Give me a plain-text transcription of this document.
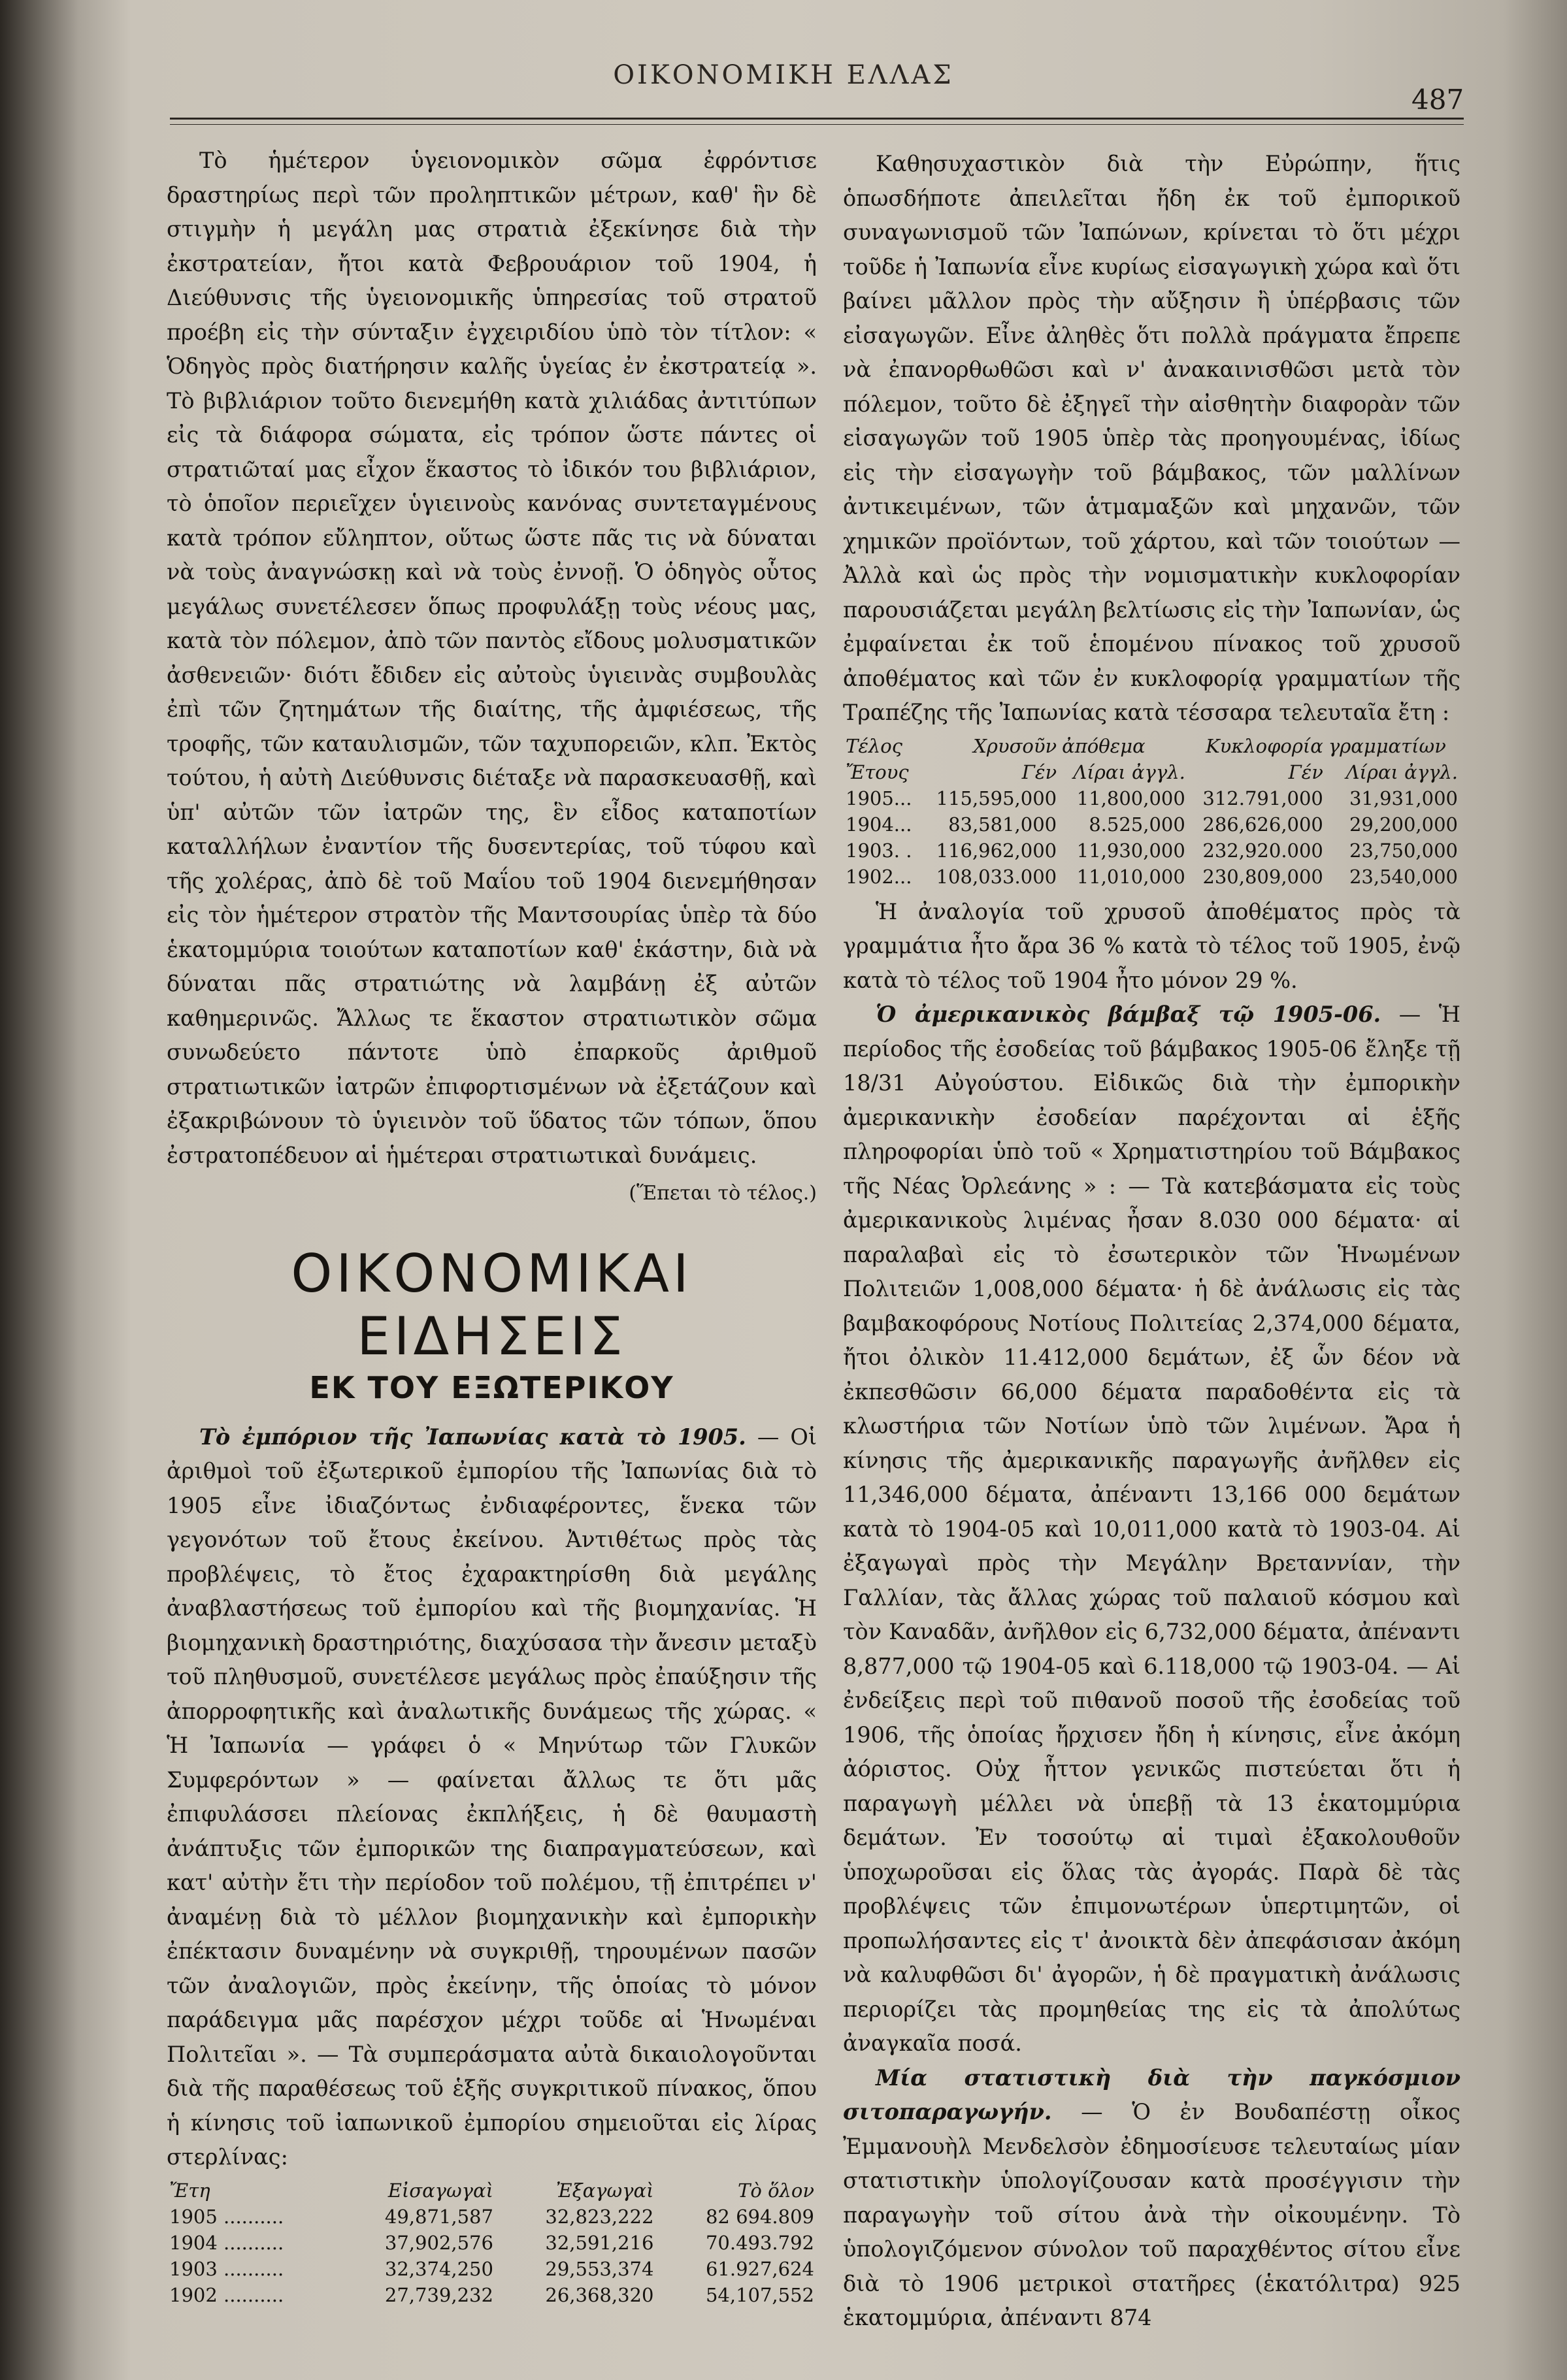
ΟΙΚΟΝΟΜΙΚΗ ΕΛΛΑΣ
487

Τὸ ἡμέτερον ὑγειονομικὸν σῶμα ἐφρόντισε δραστηρίως περὶ τῶν προληπτικῶν μέτρων, καθ' ἣν δὲ στιγμὴν ἡ μεγάλη μας στρατιὰ ἐξεκίνησε διὰ τὴν ἐκστρατείαν, ἤτοι κατὰ Φεβρουάριον τοῦ 1904, ἡ Διεύθυνσις τῆς ὑγειονομικῆς ὑπηρεσίας τοῦ στρατοῦ προέβη εἰς τὴν σύνταξιν ἐγχειριδίου ὑπὸ τὸν τίτλον: « Ὁδηγὸς πρὸς διατήρησιν καλῆς ὑγείας ἐν ἐκστρατείᾳ ». Τὸ βιβλιάριον τοῦτο διενεμήθη κατὰ χιλιάδας ἀντιτύπων εἰς τὰ διάφορα σώματα, εἰς τρόπον ὥστε πάντες οἱ στρατιῶταί μας εἶχον ἕκαστος τὸ ἰδικόν του βιβλιάριον, τὸ ὁποῖον περιεῖχεν ὑγιεινοὺς κανόνας συντεταγμένους κατὰ τρόπον εὔληπτον, οὕτως ὥστε πᾶς τις νὰ δύναται νὰ τοὺς ἀναγνώσκῃ καὶ νὰ τοὺς ἐννοῇ. Ὁ ὁδηγὸς οὗτος μεγάλως συνετέλεσεν ὅπως προφυλάξῃ τοὺς νέους μας, κατὰ τὸν πόλεμον, ἀπὸ τῶν παντὸς εἴδους μολυσματικῶν ἀσθενειῶν· διότι ἔδιδεν εἰς αὐτοὺς ὑγιεινὰς συμβουλὰς ἐπὶ τῶν ζητημάτων τῆς διαίτης, τῆς ἀμφιέσεως, τῆς τροφῆς, τῶν καταυλισμῶν, τῶν ταχυπορειῶν, κλπ. Ἐκτὸς τούτου, ἡ αὐτὴ Διεύθυνσις διέταξε νὰ παρασκευασθῇ, καὶ ὑπ' αὐτῶν τῶν ἰατρῶν της, ἓν εἶδος καταποτίων καταλλήλων ἐναντίον τῆς δυσεντερίας, τοῦ τύφου καὶ τῆς χολέρας, ἀπὸ δὲ τοῦ Μαΐου τοῦ 1904 διενεμήθησαν εἰς τὸν ἡμέτερον στρατὸν τῆς Μαντσουρίας ὑπὲρ τὰ δύο ἑκατομμύρια τοιούτων καταποτίων καθ' ἑκάστην, διὰ νὰ δύναται πᾶς στρατιώτης νὰ λαμβάνῃ ἐξ αὐτῶν καθημερινῶς. Ἄλλως τε ἕκαστον στρατιωτικὸν σῶμα συνωδεύετο πάντοτε ὑπὸ ἐπαρκοῦς ἀριθμοῦ στρατιωτικῶν ἰατρῶν ἐπιφορτισμένων νὰ ἐξετάζουν καὶ ἐξακριβώνουν τὸ ὑγιεινὸν τοῦ ὕδατος τῶν τόπων, ὅπου ἐστρατοπέδευον αἱ ἡμέτεραι στρατιωτικαὶ δυνάμεις.

(Ἕπεται τὸ τέλος.)
ΟΙΚΟΝΟΜΙΚΑΙ ΕΙΔΗΣΕΙΣ
ΕΚ ΤΟΥ ΕΞΩΤΕΡΙΚΟΥ

Τὸ ἐμπόριον τῆς Ἰαπωνίας κατὰ τὸ 1905. — Οἱ ἀριθμοὶ τοῦ ἐξωτερικοῦ ἐμπορίου τῆς Ἰαπωνίας διὰ τὸ 1905 εἶνε ἰδιαζόντως ἐνδιαφέροντες, ἕνεκα τῶν γεγονότων τοῦ ἔτους ἐκείνου. Ἀντιθέτως πρὸς τὰς προβλέψεις, τὸ ἔτος ἐχαρακτηρίσθη διὰ μεγάλης ἀναβλαστήσεως τοῦ ἐμπορίου καὶ τῆς βιομηχανίας. Ἡ βιομηχανικὴ δραστηριότης, διαχύσασα τὴν ἄνεσιν μεταξὺ τοῦ πληθυσμοῦ, συνετέλεσε μεγάλως πρὸς ἐπαύξησιν τῆς ἀπορροφητικῆς καὶ ἀναλωτικῆς δυνάμεως τῆς χώρας. « Ἡ Ἰαπωνία — γράφει ὁ « Μηνύτωρ τῶν Γλυκῶν Συμφερόντων » — φαίνεται ἄλλως τε ὅτι μᾶς ἐπιφυλάσσει πλείονας ἐκπλήξεις, ἡ δὲ θαυμαστὴ ἀνάπτυξις τῶν ἐμπορικῶν της διαπραγματεύσεων, καὶ κατ' αὐτὴν ἔτι τὴν περίοδον τοῦ πολέμου, τῇ ἐπιτρέπει ν' ἀναμένῃ διὰ τὸ μέλλον βιομηχανικὴν καὶ ἐμπορικὴν ἐπέκτασιν δυναμένην νὰ συγκριθῇ, τηρουμένων πασῶν τῶν ἀναλογιῶν, πρὸς ἐκείνην, τῆς ὁποίας τὸ μόνον παράδειγμα μᾶς παρέσχον μέχρι τοῦδε αἱ Ἡνωμέναι Πολιτεῖαι ». — Τὰ συμπεράσματα αὐτὰ δικαιολογοῦνται διὰ τῆς παραθέσεως τοῦ ἑξῆς συγκριτικοῦ πίνακος, ὅπου ἡ κίνησις τοῦ ἰαπωνικοῦ ἐμπορίου σημειοῦται εἰς λίρας στερλίνας:

Ἔτη	Εἰσαγωγαὶ	Ἐξαγωγαὶ	Τὸ ὅλον
1905 ..........	49,871,587	32,823,222	82 694.809
1904 ..........	37,902,576	32,591,216	70.493.792
1903 ..........	32,374,250	29,553,374	61.927,624
1902 ..........	27,739,232	26,368,320	54,107,552

Καθησυχαστικὸν διὰ τὴν Εὐρώπην, ἥτις ὁπωσδήποτε ἀπειλεῖται ἤδη ἐκ τοῦ ἐμπορικοῦ συναγωνισμοῦ τῶν Ἰαπώνων, κρίνεται τὸ ὅτι μέχρι τοῦδε ἡ Ἰαπωνία εἶνε κυρίως εἰσαγωγικὴ χώρα καὶ ὅτι βαίνει μᾶλλον πρὸς τὴν αὔξησιν ἢ ὑπέρβασις τῶν εἰσαγωγῶν. Εἶνε ἀληθὲς ὅτι πολλὰ πράγματα ἔπρεπε νὰ ἐπανορθωθῶσι καὶ ν' ἀνακαινισθῶσι μετὰ τὸν πόλεμον, τοῦτο δὲ ἐξηγεῖ τὴν αἰσθητὴν διαφορὰν τῶν εἰσαγωγῶν τοῦ 1905 ὑπὲρ τὰς προηγουμένας, ἰδίως εἰς τὴν εἰσαγωγὴν τοῦ βάμβακος, τῶν μαλλίνων ἀντικειμένων, τῶν ἁτμαμαξῶν καὶ μηχανῶν, τῶν χημικῶν προϊόντων, τοῦ χάρτου, καὶ τῶν τοιούτων — Ἀλλὰ καὶ ὡς πρὸς τὴν νομισματικὴν κυκλοφορίαν παρουσιάζεται μεγάλη βελτίωσις εἰς τὴν Ἰαπωνίαν, ὡς ἐμφαίνεται ἐκ τοῦ ἑπομένου πίνακος τοῦ χρυσοῦ ἀποθέματος καὶ τῶν ἐν κυκλοφορίᾳ γραμματίων τῆς Τραπέζης τῆς Ἰαπωνίας κατὰ τέσσαρα τελευταῖα ἔτη :

Τέλος	Χρυσοῦν	ἀπόθεμα	Κυκλοφορία	γραμματίων
Ἔτους	Γέν	Λίραι ἀγγλ.	Γέν	Λίραι ἀγγλ.
1905...	115,595,000	11,800,000	312.791,000	31,931,000
1904...	83,581,000	8.525,000	286,626,000	29,200,000
1903. .	116,962,000	11,930,000	232,920.000	23,750,000
1902...	108,033.000	11,010,000	230,809,000	23,540,000

Ἡ ἀναλογία τοῦ χρυσοῦ ἀποθέματος πρὸς τὰ γραμμάτια ἦτο ἄρα 36 % κατὰ τὸ τέλος τοῦ 1905, ἐνῷ κατὰ τὸ τέλος τοῦ 1904 ἦτο μόνον 29 %.

Ὁ ἀμερικανικὸς βάμβαξ τῷ 1905-06. — Ἡ περίοδος τῆς ἐσοδείας τοῦ βάμβακος 1905-06 ἔληξε τῇ 18/31 Αὐγούστου. Εἰδικῶς διὰ τὴν ἐμπορικὴν ἀμερικανικὴν ἐσοδείαν παρέχονται αἱ ἑξῆς πληροφορίαι ὑπὸ τοῦ « Χρηματιστηρίου τοῦ Βάμβακος τῆς Νέας Ὀρλεάνης » : — Τὰ κατεβάσματα εἰς τοὺς ἀμερικανικοὺς λιμένας ἦσαν 8.030 000 δέματα· αἱ παραλαβαὶ εἰς τὸ ἐσωτερικὸν τῶν Ἡνωμένων Πολιτειῶν 1,008,000 δέματα· ἡ δὲ ἀνάλωσις εἰς τὰς βαμβακοφόρους Νοτίους Πολιτείας 2,374,000 δέματα, ἤτοι ὀλικὸν 11.412,000 δεμάτων, ἐξ ὧν δέον νὰ ἐκπεσθῶσιν 66,000 δέματα παραδοθέντα εἰς τὰ κλωστήρια τῶν Νοτίων ὑπὸ τῶν λιμένων. Ἄρα ἡ κίνησις τῆς ἀμερικανικῆς παραγωγῆς ἀνῆλθεν εἰς 11,346,000 δέματα, ἀπέναντι 13,166 000 δεμάτων κατὰ τὸ 1904-05 καὶ 10,011,000 κατὰ τὸ 1903-04. Αἱ ἐξαγωγαὶ πρὸς τὴν Μεγάλην Βρεταννίαν, τὴν Γαλλίαν, τὰς ἄλλας χώρας τοῦ παλαιοῦ κόσμου καὶ τὸν Καναδᾶν, ἀνῆλθον εἰς 6,732,000 δέματα, ἀπέναντι 8,877,000 τῷ 1904-05 καὶ 6.118,000 τῷ 1903-04. — Αἱ ἐνδείξεις περὶ τοῦ πιθανοῦ ποσοῦ τῆς ἐσοδείας τοῦ 1906, τῆς ὁποίας ἤρχισεν ἤδη ἡ κίνησις, εἶνε ἀκόμη ἀόριστος. Οὐχ ἧττον γενικῶς πιστεύεται ὅτι ἡ παραγωγὴ μέλλει νὰ ὑπεβῇ τὰ 13 ἑκατομμύρια δεμάτων. Ἐν τοσούτῳ αἱ τιμαὶ ἐξακολουθοῦν ὑποχωροῦσαι εἰς ὅλας τὰς ἀγοράς. Παρὰ δὲ τὰς προβλέψεις τῶν ἐπιμονωτέρων ὑπερτιμητῶν, οἱ προπωλήσαντες εἰς τ' ἀνοικτὰ δὲν ἀπεφάσισαν ἀκόμη νὰ καλυφθῶσι δι' ἀγορῶν, ἡ δὲ πραγματικὴ ἀνάλωσις περιορίζει τὰς προμηθείας της εἰς τὰ ἀπολύτως ἀναγκαῖα ποσά.

Μία στατιστικὴ διὰ τὴν παγκόσμιον σιτοπαραγωγήν. — Ὁ ἐν Βουδαπέστῃ οἶκος Ἐμμανουὴλ Μενδελσὸν ἐδημοσίευσε τελευταίως μίαν στατιστικὴν ὑπολογίζουσαν κατὰ προσέγγισιν τὴν παραγωγὴν τοῦ σίτου ἀνὰ τὴν οἰκουμένην. Τὸ ὑπολογιζόμενον σύνολον τοῦ παραχθέντος σίτου εἶνε διὰ τὸ 1906 μετρικοὶ στατῆρες (ἑκατόλιτρα) 925 ἑκατομμύρια, ἀπέναντι 874
